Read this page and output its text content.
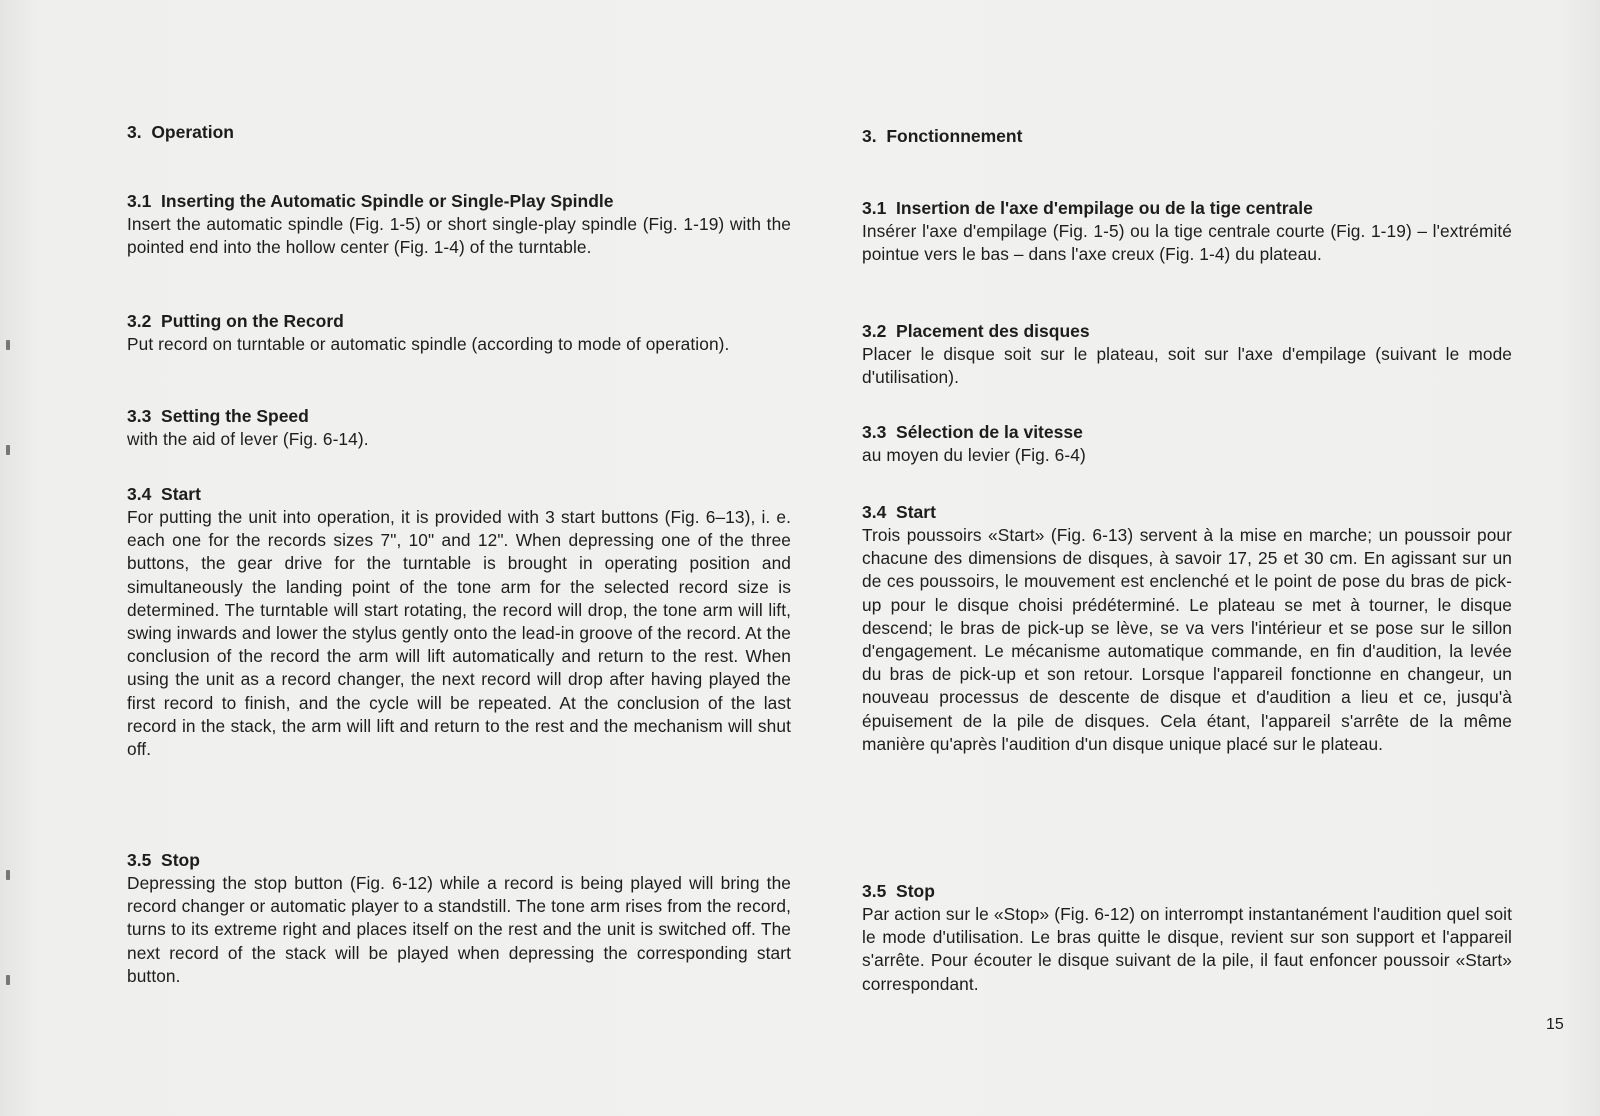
3.  Operation
3.1  Inserting the Automatic Spindle or Single-Play Spindle

Insert the automatic spindle (Fig. 1-5) or short single-play spindle (Fig. 1-19) with the pointed end into the hollow center (Fig. 1-4) of the turntable.

3.2  Putting on the Record

Put record on turntable or automatic spindle (according to mode of operation).

3.3  Setting the Speed

with the aid of lever (Fig. 6-14).

3.4  Start

For putting the unit into operation, it is provided with 3 start buttons (Fig. 6–13), i. e. each one for the records sizes 7", 10" and 12". When depressing one of the three buttons, the gear drive for the turntable is brought in operating position and simultaneously the landing point of the tone arm for the selected record size is determined. The turntable will start rotating, the record will drop, the tone arm will lift, swing inwards and lower the stylus gently onto the lead-in groove of the record. At the conclusion of the record the arm will lift automatically and return to the rest. When using the unit as a record changer, the next record will drop after having played the first record to finish, and the cycle will be repeated. At the conclusion of the last record in the stack, the arm will lift and return to the rest and the mechanism will shut off.

3.5  Stop

Depressing the stop button (Fig. 6-12) while a record is being played will bring the record changer or automatic player to a standstill. The tone arm rises from the record, turns to its extreme right and places itself on the rest and the unit is switched off. The next record of the stack will be played when depressing the corresponding start button.

3.  Fonctionnement
3.1  Insertion de l'axe d'empilage ou de la tige centrale

Insérer l'axe d'empilage (Fig. 1-5) ou la tige centrale courte (Fig. 1-19) – l'extrémité pointue vers le bas – dans l'axe creux (Fig. 1-4) du plateau.

3.2  Placement des disques

Placer le disque soit sur le plateau, soit sur l'axe d'empilage (suivant le mode d'utilisation).

3.3  Sélection de la vitesse

au moyen du levier (Fig. 6-4)

3.4  Start

Trois poussoirs «Start» (Fig. 6-13) servent à la mise en marche; un poussoir pour chacune des dimensions de disques, à savoir 17, 25 et 30 cm. En agissant sur un de ces poussoirs, le mouvement est enclenché et le point de pose du bras de pick-up pour le disque choisi prédéterminé. Le plateau se met à tourner, le disque descend; le bras de pick-up se lève, se va vers l'intérieur et se pose sur le sillon d'engagement. Le mécanisme automatique commande, en fin d'audition, la levée du bras de pick-up et son retour. Lorsque l'appareil fonctionne en changeur, un nouveau processus de descente de disque et d'audition a lieu et ce, jusqu'à épuisement de la pile de disques. Cela étant, l'appareil s'arrête de la même manière qu'après l'audition d'un disque unique placé sur le plateau.

3.5  Stop

Par action sur le «Stop» (Fig. 6-12) on interrompt instantanément l'audition quel soit le mode d'utilisation. Le bras quitte le disque, revient sur son support et l'appareil s'arrête. Pour écouter le disque suivant de la pile, il faut enfoncer poussoir «Start» correspondant.

15
